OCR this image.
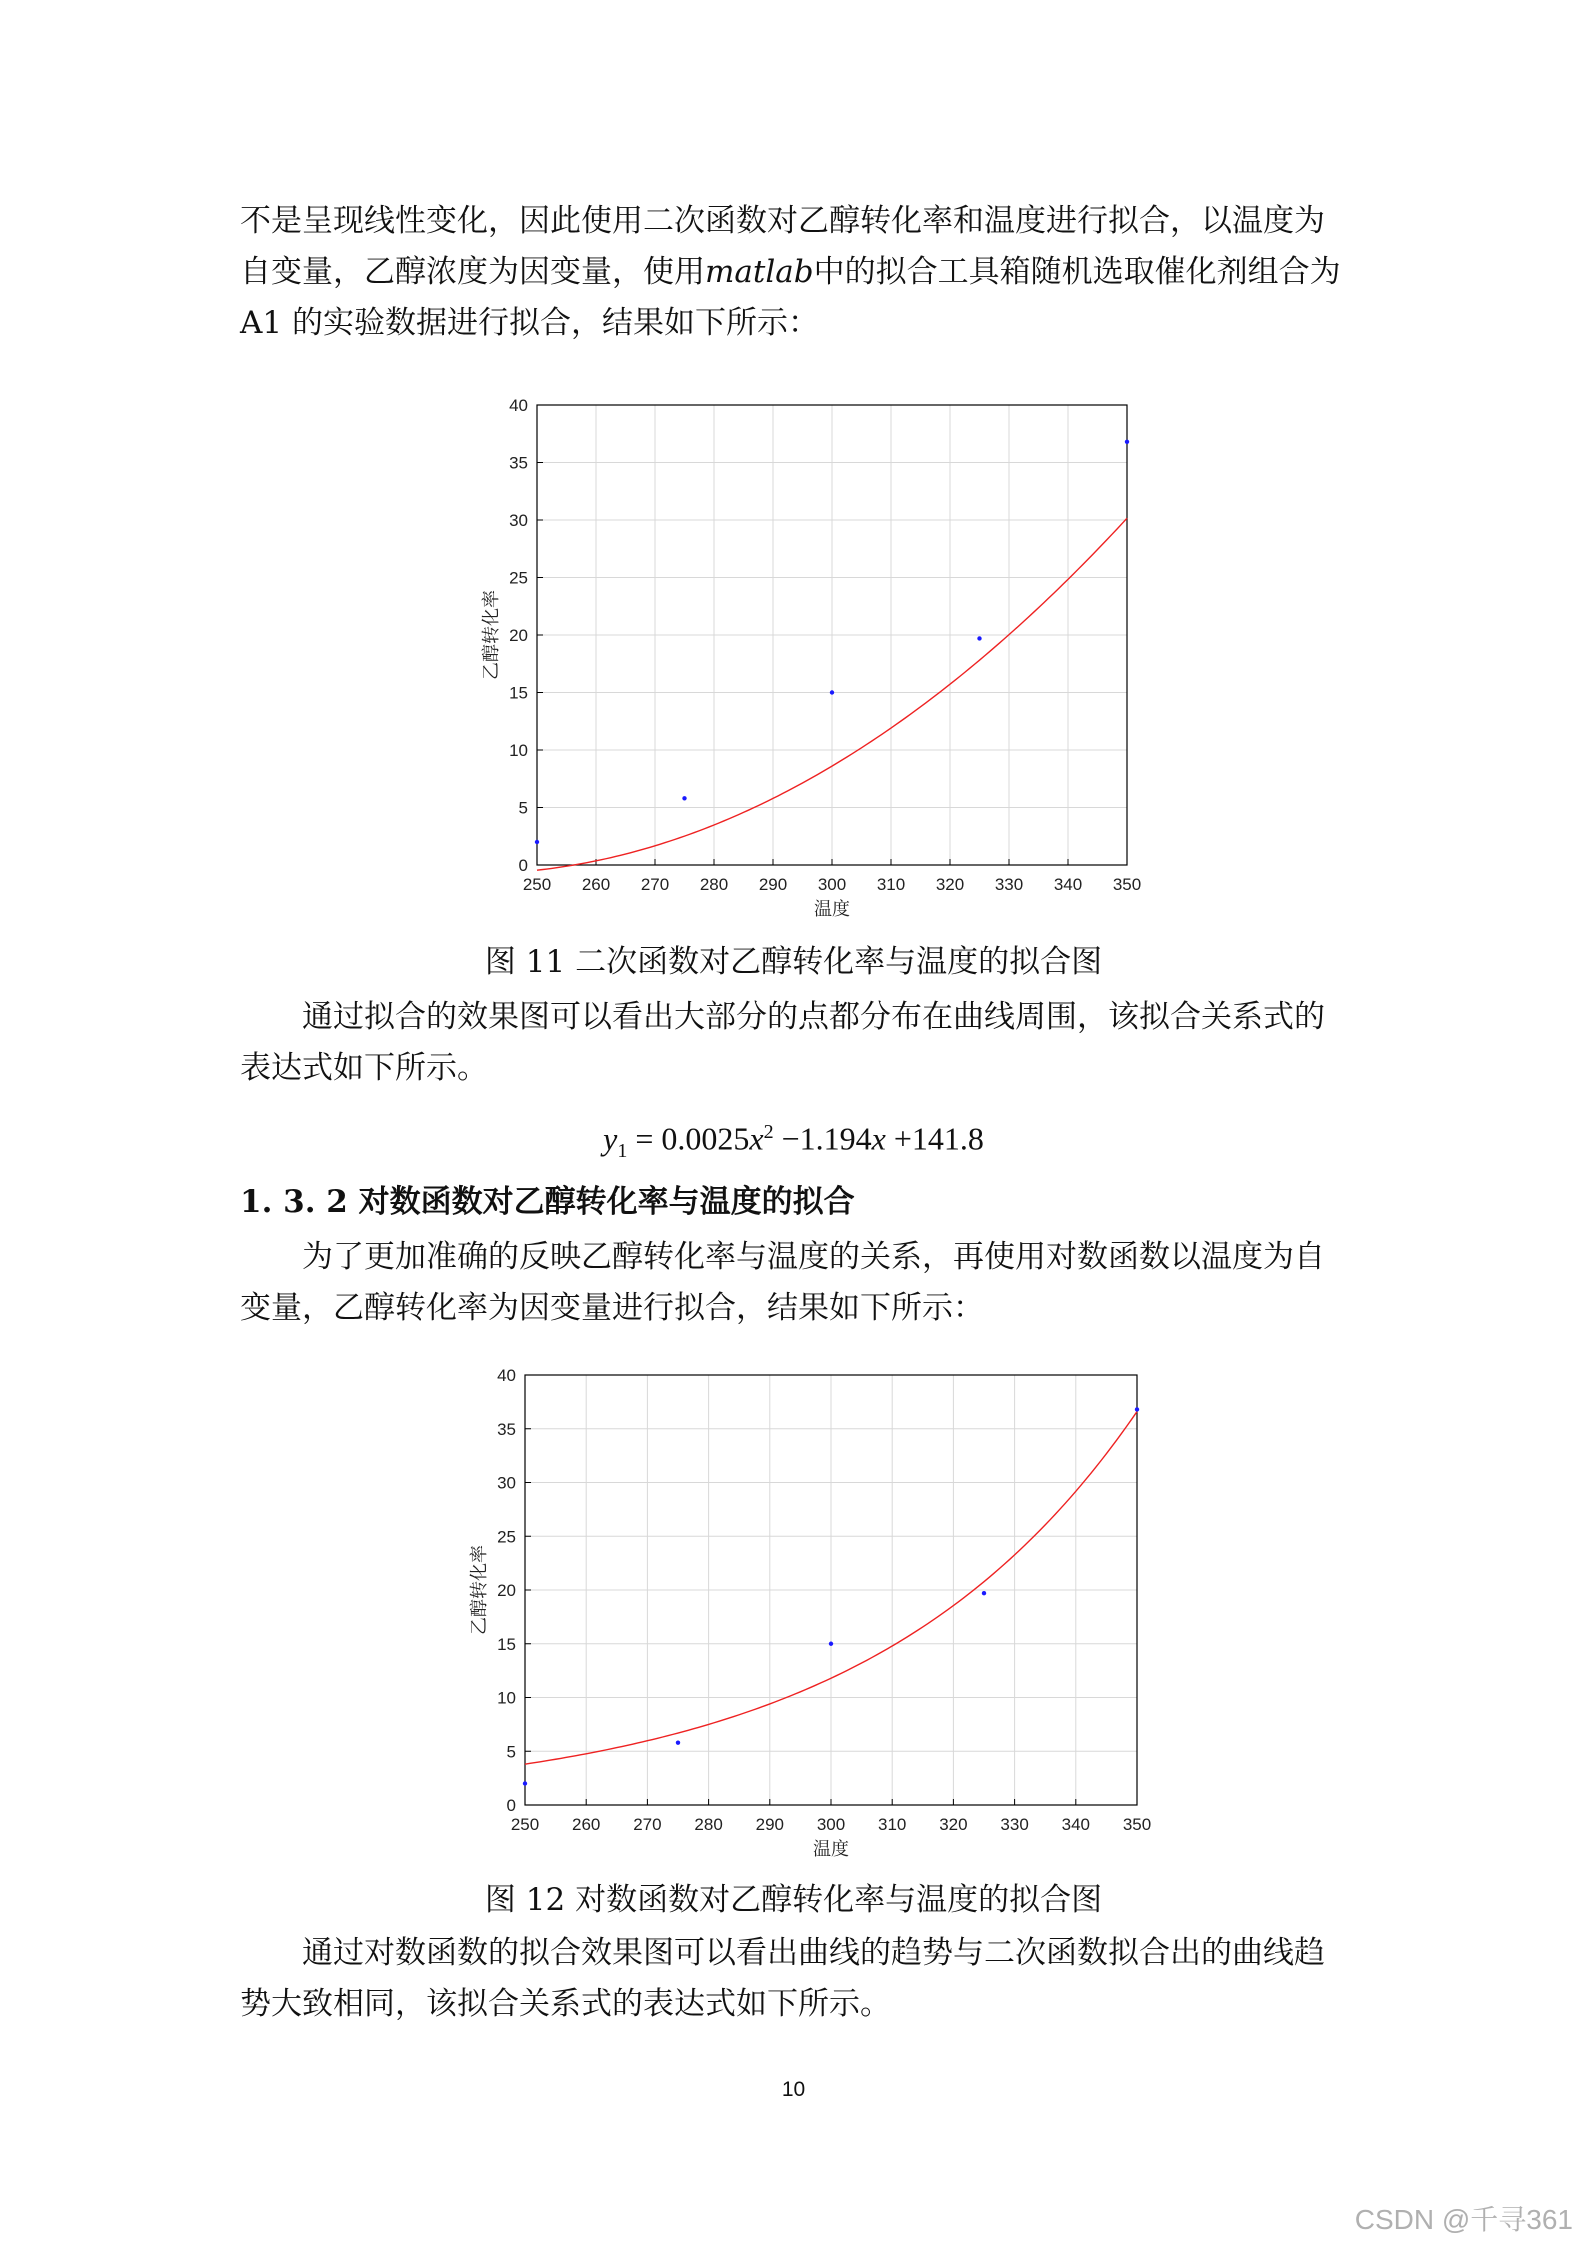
不是呈现线性变化，因此使用二次函数对乙醇转化率和温度进行拟合，以温度为自变量，乙醇浓度为因变量，使用matlab中的拟合工具箱随机选取催化剂组合为A1 的实验数据进行拟合，结果如下所示：

250 260 270 280 290 300 310 320 330 340 350
0
5
10
15
20
25
30
35
40
温度
乙醇转化率

图 11 二次函数对乙醇转化率与温度的拟合图

通过拟合的效果图可以看出大部分的点都分布在曲线周围，该拟合关系式的表达式如下所示。

$y_1 = 0.0025x^2 -1.194x +141.8$

1. 3. 2 对数函数对乙醇转化率与温度的拟合

为了更加准确的反映乙醇转化率与温度的关系，再使用对数函数以温度为自变量，乙醇转化率为因变量进行拟合，结果如下所示：

250 260 270 280 290 300 310 320 330 340 350
0
5
10
15
20
25
30
35
40
温度
乙醇转化率

图 12 对数函数对乙醇转化率与温度的拟合图

通过对数函数的拟合效果图可以看出曲线的趋势与二次函数拟合出的曲线趋势大致相同，该拟合关系式的表达式如下所示。

10
CSDN @千寻361
